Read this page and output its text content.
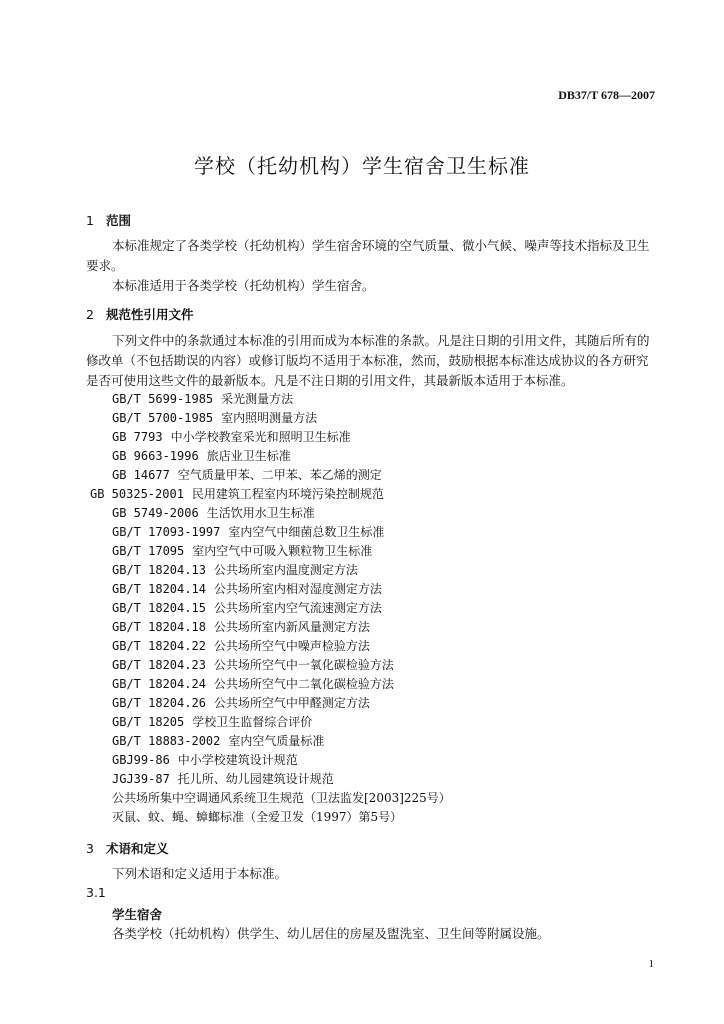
DB37/T 678—2007
学校（托幼机构）学生宿舍卫生标准
1 范围
本标准规定了各类学校（托幼机构）学生宿舍环境的空气质量、微小气候、噪声等技术指标及卫生
要求。
本标准适用于各类学校（托幼机构）学生宿舍。
2 规范性引用文件
下列文件中的条款通过本标准的引用而成为本标准的条款。凡是注日期的引用文件，其随后所有的
修改单（不包括勘误的内容）或修订版均不适用于本标准，然而，鼓励根据本标准达成协议的各方研究
是否可使用这些文件的最新版本。凡是不注日期的引用文件，其最新版本适用于本标准。
GB/T 5699-1985 采光测量方法
GB/T 5700-1985 室内照明测量方法
GB 7793 中小学校教室采光和照明卫生标准
GB 9663-1996 旅店业卫生标准
GB 14677 空气质量甲苯、二甲苯、苯乙烯的测定
GB 50325-2001 民用建筑工程室内环境污染控制规范
GB 5749-2006 生活饮用水卫生标准
GB/T 17093-1997 室内空气中细菌总数卫生标准
GB/T 17095 室内空气中可吸入颗粒物卫生标准
GB/T 18204.13 公共场所室内温度测定方法
GB/T 18204.14 公共场所室内相对湿度测定方法
GB/T 18204.15 公共场所室内空气流速测定方法
GB/T 18204.18 公共场所室内新风量测定方法
GB/T 18204.22 公共场所空气中噪声检验方法
GB/T 18204.23 公共场所空气中一氧化碳检验方法
GB/T 18204.24 公共场所空气中二氧化碳检验方法
GB/T 18204.26 公共场所空气中甲醛测定方法
GB/T 18205 学校卫生监督综合评价
GB/T 18883-2002 室内空气质量标准
GBJ99-86 中小学校建筑设计规范
JGJ39-87 托儿所、幼儿园建筑设计规范
公共场所集中空调通风系统卫生规范（卫法监发[2003]225号）
灭鼠、蚊、蝇、蟑螂标准（全爱卫发（1997）第5号）
3 术语和定义
下列术语和定义适用于本标准。
3.1
学生宿舍
各类学校（托幼机构）供学生、幼儿居住的房屋及盥洗室、卫生间等附属设施。
1
